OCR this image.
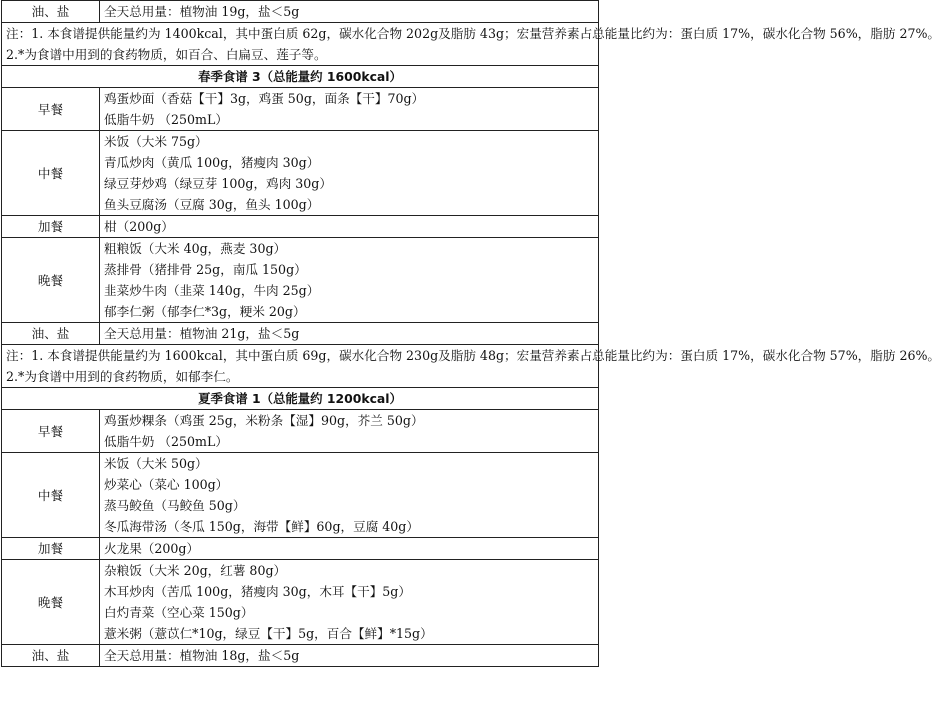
油、盐	全天总用量：植物油 19g，盐＜5g

注：1. 本食谱提供能量约为 1400kcal，其中蛋白质 62g，碳水化合物 202g及脂肪 43g；宏量营养素占总能量比约为：蛋白质 17%，碳水化合物 56%，脂肪 27%。
2.*为食谱中用到的食药物质，如百合、白扁豆、莲子等。	

春季食谱 3（总能量约 1600kcal）	
早餐	鸡蛋炒面（香菇【干】3g，鸡蛋 50g，面条【干】70g）
低脂牛奶 （250mL）

中餐	米饭（大米 75g）
青瓜炒肉（黄瓜 100g，猪瘦肉 30g）
绿豆芽炒鸡（绿豆芽 100g，鸡肉 30g）
鱼头豆腐汤（豆腐 30g，鱼头 100g）

加餐	柑（200g）

晚餐	粗粮饭（大米 40g，燕麦 30g）
蒸排骨（猪排骨 25g，南瓜 150g）
韭菜炒牛肉（韭菜 140g，牛肉 25g）
郁李仁粥（郁李仁*3g，粳米 20g）

油、盐	全天总用量：植物油 21g，盐＜5g

注：1. 本食谱提供能量约为 1600kcal，其中蛋白质 69g，碳水化合物 230g及脂肪 48g；宏量营养素占总能量比约为：蛋白质 17%，碳水化合物 57%，脂肪 26%。
2.*为食谱中用到的食药物质，如郁李仁。	

夏季食谱 1（总能量约 1200kcal）	
早餐	鸡蛋炒粿条（鸡蛋 25g，米粉条【湿】90g，芥兰 50g）
低脂牛奶 （250mL）

中餐	米饭（大米 50g）
炒菜心（菜心 100g）
蒸马鲛鱼（马鲛鱼 50g）
冬瓜海带汤（冬瓜 150g，海带【鲜】60g，豆腐 40g）

加餐	火龙果（200g）

晚餐	杂粮饭（大米 20g，红薯 80g）
木耳炒肉（苦瓜 100g，猪瘦肉 30g，木耳【干】5g）
白灼青菜（空心菜 150g）
薏米粥（薏苡仁*10g，绿豆【干】5g，百合【鲜】*15g）

油、盐	全天总用量：植物油 18g，盐＜5g
